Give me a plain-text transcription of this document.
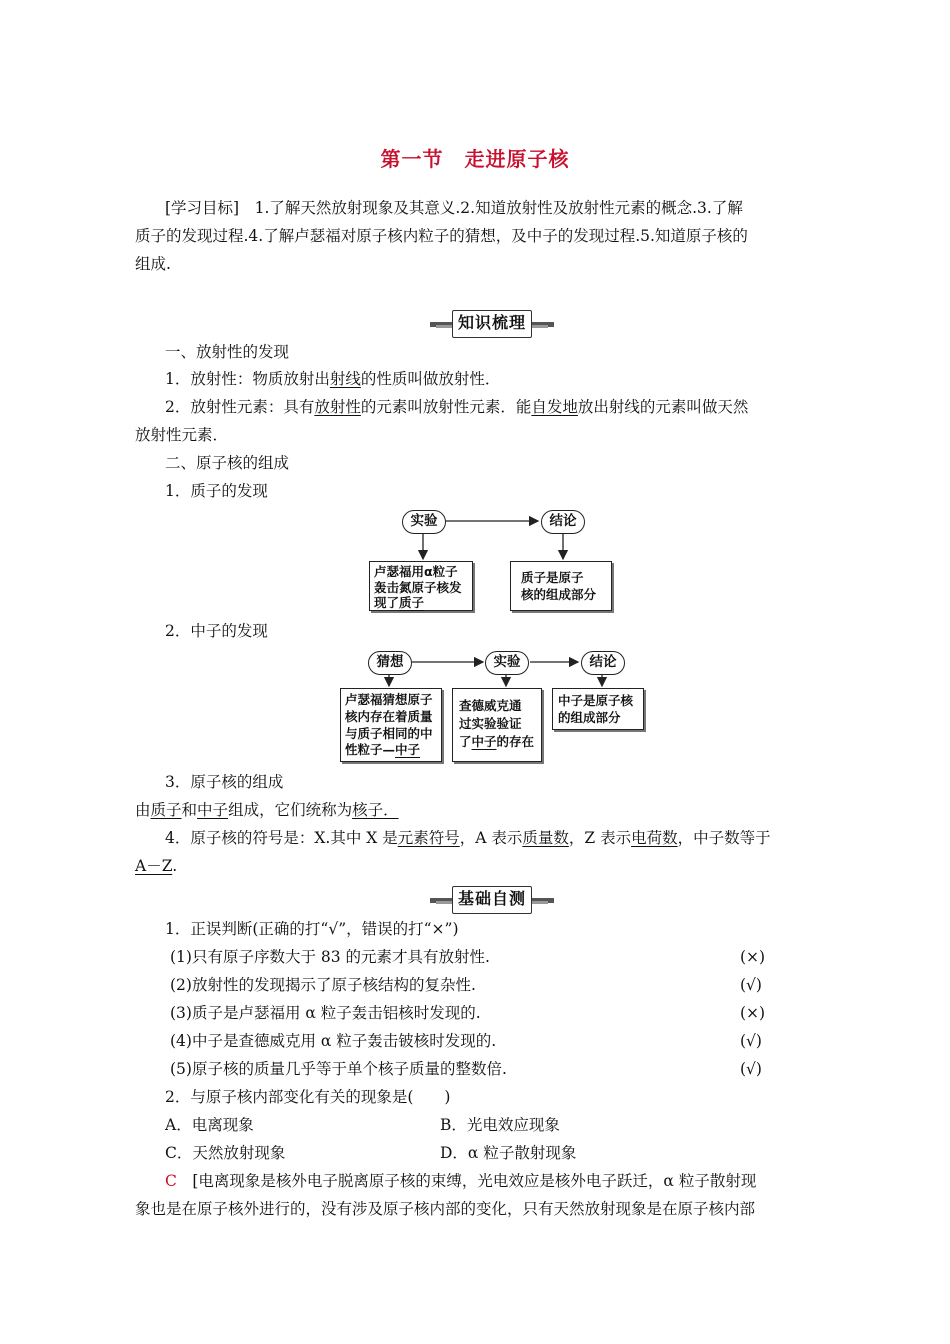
第一节　走进原子核
[学习目标]　1.了解天然放射现象及其意义.2.知道放射性及放射性元素的概念.3.了解
质子的发现过程.4.了解卢瑟福对原子核内粒子的猜想，及中子的发现过程.5.知道原子核的
组成.
知识梳理
一、放射性的发现
1．放射性：物质放射出射线的性质叫做放射性．
2．放射性元素：具有放射性的元素叫放射性元素．能自发地放出射线的元素叫做天然
放射性元素．
二、原子核的组成
1．质子的发现
实验	结论
卢瑟福用α粒子
轰击氮原子核发
现了质子
质子是原子
核的组成部分
2．中子的发现
猜想	实验	结论
卢瑟福猜想原子
核内存在着质量
与质子相同的中
性粒子—中子
查德威克通
过实验验证
了中子的存在
中子是原子核
的组成部分
3．原子核的组成
由质子和中子组成，它们统称为核子．
4．原子核的符号是：X.其中 X 是元素符号，A 表示质量数，Z 表示电荷数，中子数等于
A－Z.
基础自测
1．正误判断(正确的打“√”，错误的打“×”)
(1)只有原子序数大于 83 的元素才具有放射性.	(×)
(2)放射性的发现揭示了原子核结构的复杂性.	(√)
(3)质子是卢瑟福用 α 粒子轰击铝核时发现的.	(×)
(4)中子是查德威克用 α 粒子轰击铍核时发现的.	(√)
(5)原子核的质量几乎等于单个核子质量的整数倍.	(√)
2．与原子核内部变化有关的现象是(　　)
A．电离现象	B．光电效应现象
C．天然放射现象	D．α 粒子散射现象
C　[电离现象是核外电子脱离原子核的束缚，光电效应是核外电子跃迁，α 粒子散射现
象也是在原子核外进行的，没有涉及原子核内部的变化，只有天然放射现象是在原子核内部
